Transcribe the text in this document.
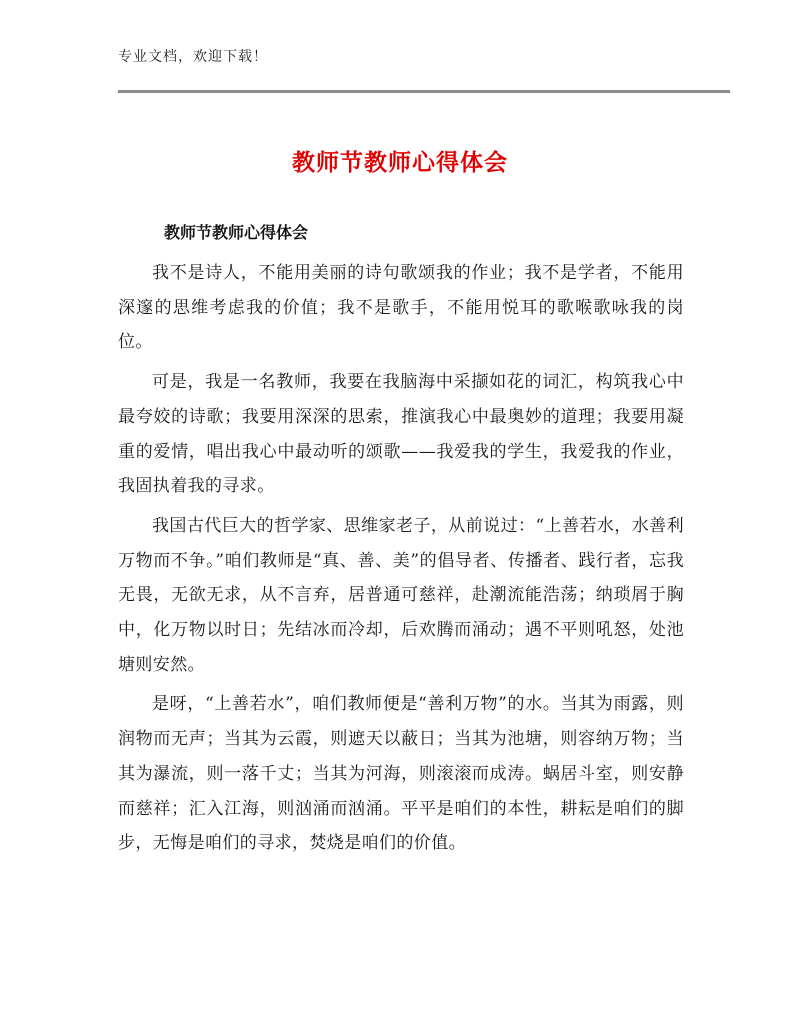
专业文档，欢迎下载！
教师节教师心得体会
教师节教师心得体会

我不是诗人，不能用美丽的诗句歌颂我的作业；我不是学者，不能用深邃的思维考虑我的价值；我不是歌手，不能用悦耳的歌喉歌咏我的岗位。

可是，我是一名教师，我要在我脑海中采撷如花的词汇，构筑我心中最夸姣的诗歌；我要用深深的思索，推演我心中最奥妙的道理；我要用凝重的爱情，唱出我心中最动听的颂歌——我爱我的学生，我爱我的作业，我固执着我的寻求。

我国古代巨大的哲学家、思维家老子，从前说过：“上善若水，水善利万物而不争。”咱们教师是“真、善、美”的倡导者、传播者、践行者，忘我无畏，无欲无求，从不言弃，居普通可慈祥，赴潮流能浩荡；纳琐屑于胸中，化万物以时日；先结冰而冷却，后欢腾而涌动；遇不平则吼怒，处池塘则安然。

是呀，“上善若水”，咱们教师便是“善利万物”的水。当其为雨露，则润物而无声；当其为云霞，则遮天以蔽日；当其为池塘，则容纳万物；当其为瀑流，则一落千丈；当其为河海，则滚滚而成涛。蜗居斗室，则安静而慈祥；汇入江海，则汹涌而汹涌。平平是咱们的本性，耕耘是咱们的脚步，无悔是咱们的寻求，焚烧是咱们的价值。
